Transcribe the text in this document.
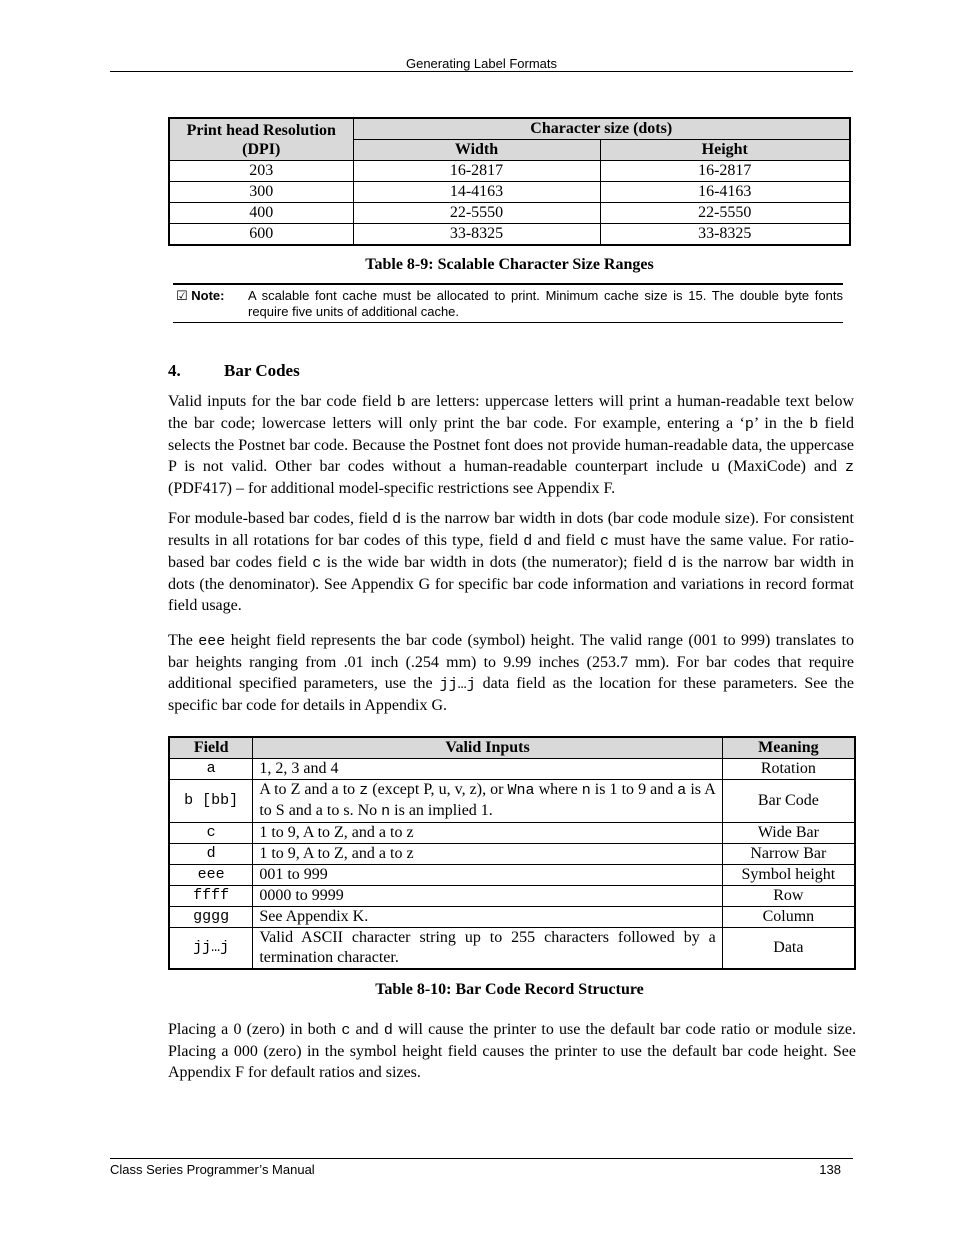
Generating Label Formats
Print head Resolution (DPI)	Character size (dots)	
	Width	Height
203	16-2817	16-2817
300	14-4163	16-4163
400	22-5550	22-5550
600	33-8325	33-8325
Table 8-9: Scalable Character Size Ranges
☑ Note:	A scalable font cache must be allocated to print. Minimum cache size is 15. The double byte fonts require five units of additional cache.
4.	Bar Codes

Valid inputs for the bar code field b are letters: uppercase letters will print a human-readable text below the bar code; lowercase letters will only print the bar code. For example, entering a ‘p’ in the b field selects the Postnet bar code. Because the Postnet font does not provide human-readable data, the uppercase P is not valid. Other bar codes without a human-readable counterpart include u (MaxiCode) and z (PDF417) – for additional model-specific restrictions see Appendix F.

For module-based bar codes, field d is the narrow bar width in dots (bar code module size). For consistent results in all rotations for bar codes of this type, field d and field c must have the same value. For ratio-based bar codes field c is the wide bar width in dots (the numerator); field d is the narrow bar width in dots (the denominator). See Appendix G for specific bar code information and variations in record format field usage.

The eee height field represents the bar code (symbol) height. The valid range (001 to 999) translates to bar heights ranging from .01 inch (.254 mm) to 9.99 inches (253.7 mm). For bar codes that require additional specified parameters, use the jj…j data field as the location for these parameters. See the specific bar code for details in Appendix G.

Field	Valid Inputs	Meaning
a	1, 2, 3 and 4	Rotation
b [bb]	A to Z and a to z (except P, u, v, z), or Wna where n is 1 to 9 and a is A to S and a to s. No n is an implied 1.	Bar Code
c	1 to 9, A to Z, and a to z	Wide Bar
d	1 to 9, A to Z, and a to z	Narrow Bar
eee	001 to 999	Symbol height
ffff	0000 to 9999	Row
gggg	See Appendix K.	Column
jj…j	Valid ASCII character string up to 255 characters followed by a termination character.	Data
Table 8-10: Bar Code Record Structure

Placing a 0 (zero) in both c and d will cause the printer to use the default bar code ratio or module size. Placing a 000 (zero) in the symbol height field causes the printer to use the default bar code height. See Appendix F for default ratios and sizes.

Class Series Programmer’s Manual	138
